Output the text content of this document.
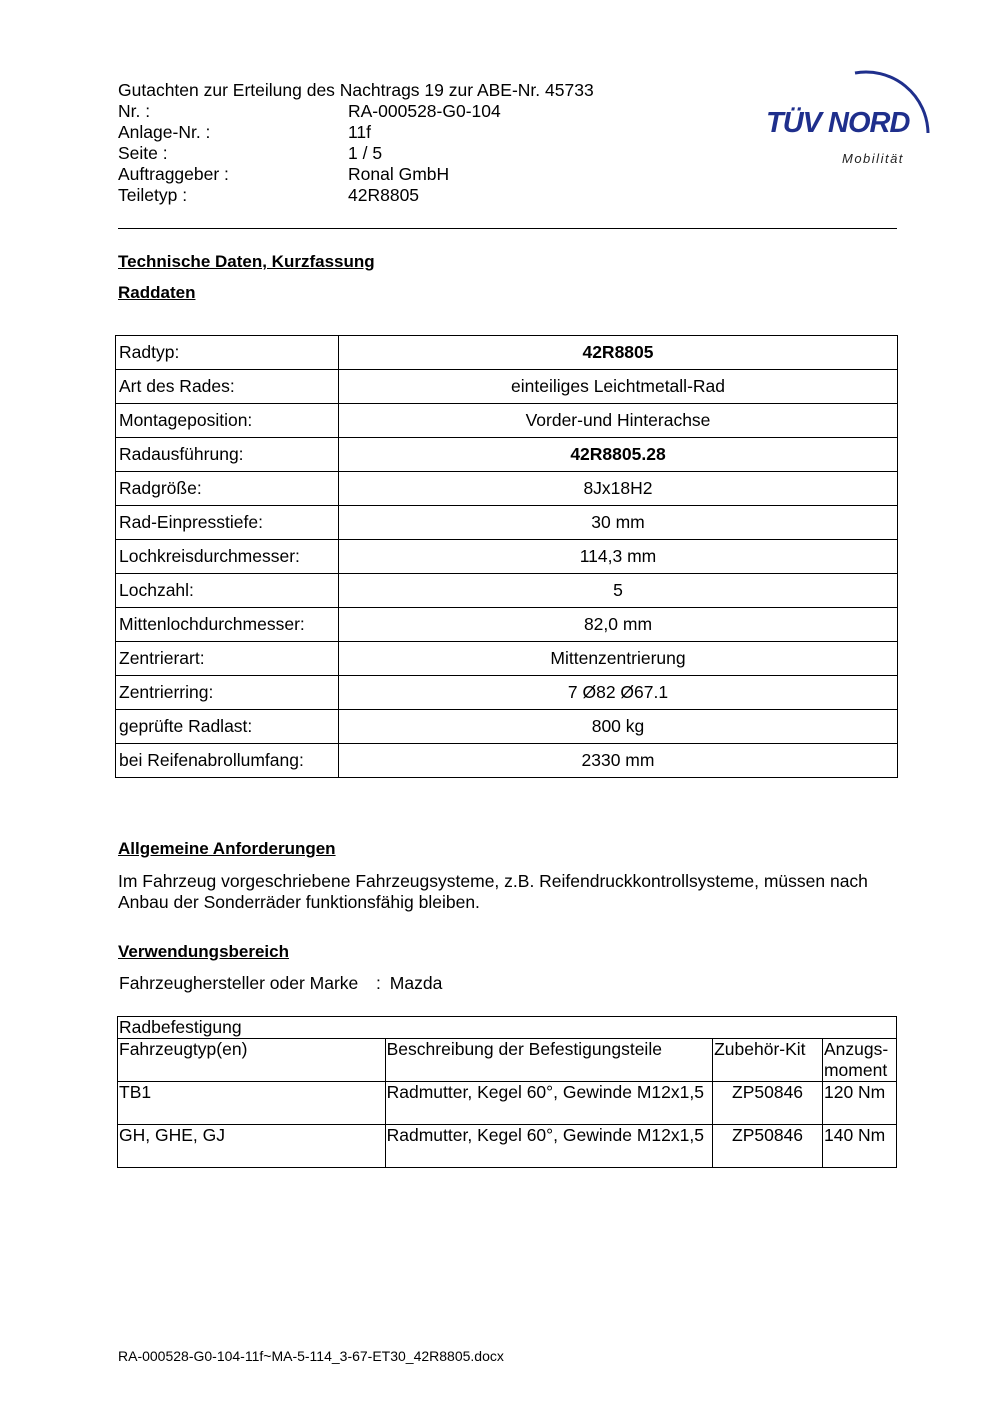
Gutachten zur Erteilung des Nachtrags 19 zur ABE-Nr. 45733
Nr. :	RA-000528-G0-104
Anlage-Nr. :	11f
Seite :	1 / 5
Auftraggeber :	Ronal GmbH
Teiletyp :	42R8805
TÜV NORD
Mobilität
Technische Daten, Kurzfassung
Raddaten
Radtyp:	42R8805
Art des Rades:	einteiliges Leichtmetall-Rad
Montageposition:	Vorder-und Hinterachse
Radausführung:	42R8805.28
Radgröße:	8Jx18H2
Rad-Einpresstiefe:	30 mm
Lochkreisdurchmesser:	114,3 mm
Lochzahl:	5
Mittenlochdurchmesser:	82,0 mm
Zentrierart:	Mittenzentrierung
Zentrierring:	7 Ø82 Ø67.1
geprüfte Radlast:	800 kg
bei Reifenabrollumfang:	2330 mm
Allgemeine Anforderungen
Im Fahrzeug vorgeschriebene Fahrzeugsysteme, z.B. Reifendruckkontrollsysteme, müssen nach Anbau der Sonderräder funktionsfähig bleiben.
Verwendungsbereich
Fahrzeughersteller oder Marke : Mazda
Radbefestigung			
Fahrzeugtyp(en)	Beschreibung der Befestigungsteile	Zubehör-Kit	Anzugs-moment
TB1	Radmutter, Kegel 60°, Gewinde M12x1,5	ZP50846	120 Nm
GH, GHE, GJ	Radmutter, Kegel 60°, Gewinde M12x1,5	ZP50846	140 Nm
RA-000528-G0-104-11f~MA-5-114_3-67-ET30_42R8805.docx
